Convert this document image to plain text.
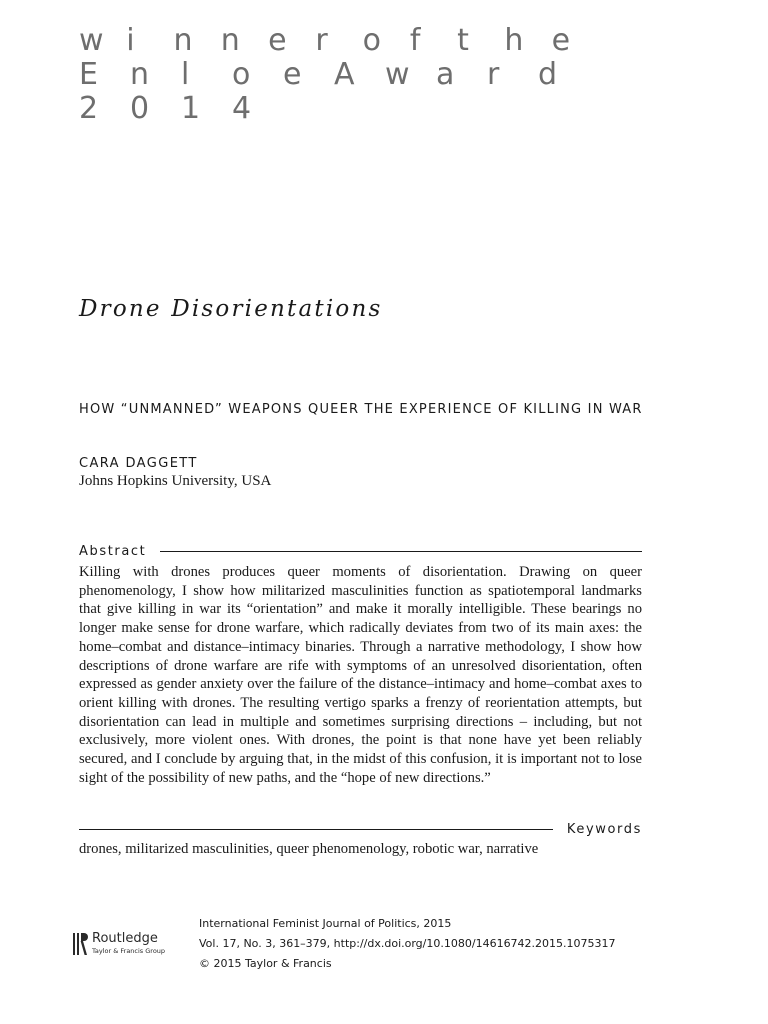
w i	n n e r	o f	t	h e
E	n	l	o	e	A	w a	r	d
2	0	1	4
Drone Disorientations
HOW “UNMANNED” WEAPONS QUEER THE EXPERIENCE OF KILLING IN WAR
CARA DAGGETT
Johns Hopkins University, USA
Abstract
Killing with drones produces queer moments of disorientation. Drawing on queer phenomenology, I show how militarized masculinities function as spatiotemporal landmarks that give killing in war its “orientation” and make it morally intelligible. These bearings no longer make sense for drone warfare, which radically deviates from two of its main axes: the home–combat and distance–intimacy binaries. Through a narrative methodology, I show how descriptions of drone warfare are rife with symptoms of an unresolved disorientation, often expressed as gender anxiety over the failure of the distance–intimacy and home–combat axes to orient killing with drones. The resulting vertigo sparks a frenzy of reorientation attempts, but disorientation can lead in multiple and sometimes surprising directions – including, but not exclusively, more violent ones. With drones, the point is that none have yet been reliably secured, and I conclude by arguing that, in the midst of this confusion, it is important not to lose sight of the possibility of new paths, and the “hope of new directions.”
Keywords
drones, militarized masculinities, queer phenomenology, robotic war, narrative
Routledge
Taylor & Francis Group
International Feminist Journal of Politics, 2015
Vol. 17, No. 3, 361–379, http://dx.doi.org/10.1080/14616742.2015.1075317
© 2015 Taylor & Francis
